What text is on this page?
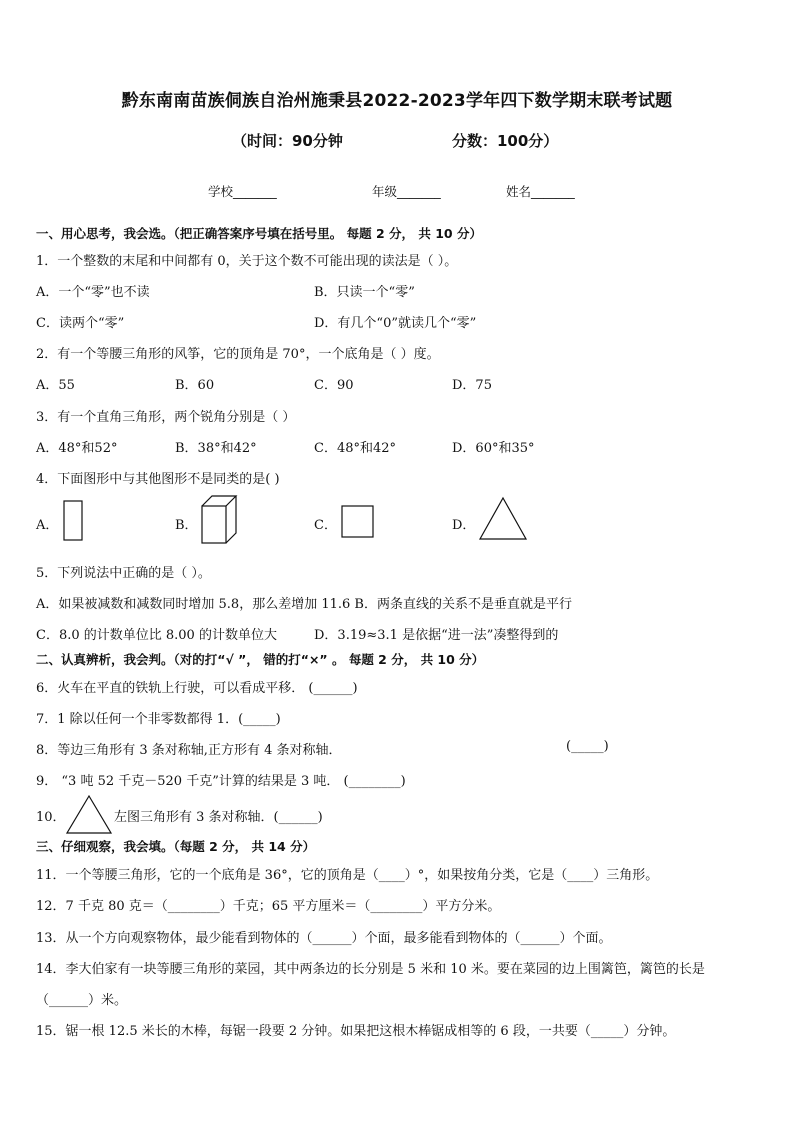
黔东南南苗族侗族自治州施秉县2022-2023学年四下数学期末联考试题
（时间：90分钟	分数：100分）
学校_______	年级_______	姓名_______
一、用心思考，我会选。（把正确答案序号填在括号里。 每题 2 分， 共 10 分）
1．一个整数的末尾和中间都有 0，关于这个数不可能出现的读法是（ ）。
A．一个“零”也不读	B．只读一个“零”
C．读两个“零”	D．有几个“0”就读几个“零”
2．有一个等腰三角形的风筝，它的顶角是 70°，一个底角是（ ）度。
A．55	B．60	C．90	D．75
3．有一个直角三角形，两个锐角分别是（ ）
A．48°和52°	B．38°和42°	C．48°和42°	D．60°和35°
4．下面图形中与其他图形不是同类的是( )
A．	B．	C．	D．
5．下列说法中正确的是（ ）。
A．如果被减数和减数同时增加 5.8，那么差增加 11.6 B．两条直线的关系不是垂直就是平行
C．8.0 的计数单位比 8.00 的计数单位大	D．3.19≈3.1 是依据“进一法”凑整得到的
二、认真辨析，我会判。（对的打“√ ”， 错的打“×” 。 每题 2 分， 共 10 分）
6．火车在平直的铁轨上行驶，可以看成平移． (______)
7．1 除以任何一个非零数都得 1．(_____)
8．等边三角形有 3 条对称轴,正方形有 4 条对称轴．	(_____)
9． “3 吨 52 千克－520 千克”计算的结果是 3 吨． (________)
10．	左图三角形有 3 条对称轴．(______)
三、仔细观察，我会填。（每题 2 分， 共 14 分）
11．一个等腰三角形，它的一个底角是 36°，它的顶角是（____）°，如果按角分类，它是（____）三角形。
12．7 千克 80 克＝（________）千克；65 平方厘米＝（________）平方分米。
13．从一个方向观察物体，最少能看到物体的（______）个面，最多能看到物体的（______）个面。
14．李大伯家有一块等腰三角形的菜园，其中两条边的长分别是 5 米和 10 米。要在菜园的边上围篱笆，篱笆的长是
（______）米。
15．锯一根 12.5 米长的木棒，每锯一段要 2 分钟。如果把这根木棒锯成相等的 6 段，一共要（_____）分钟。
